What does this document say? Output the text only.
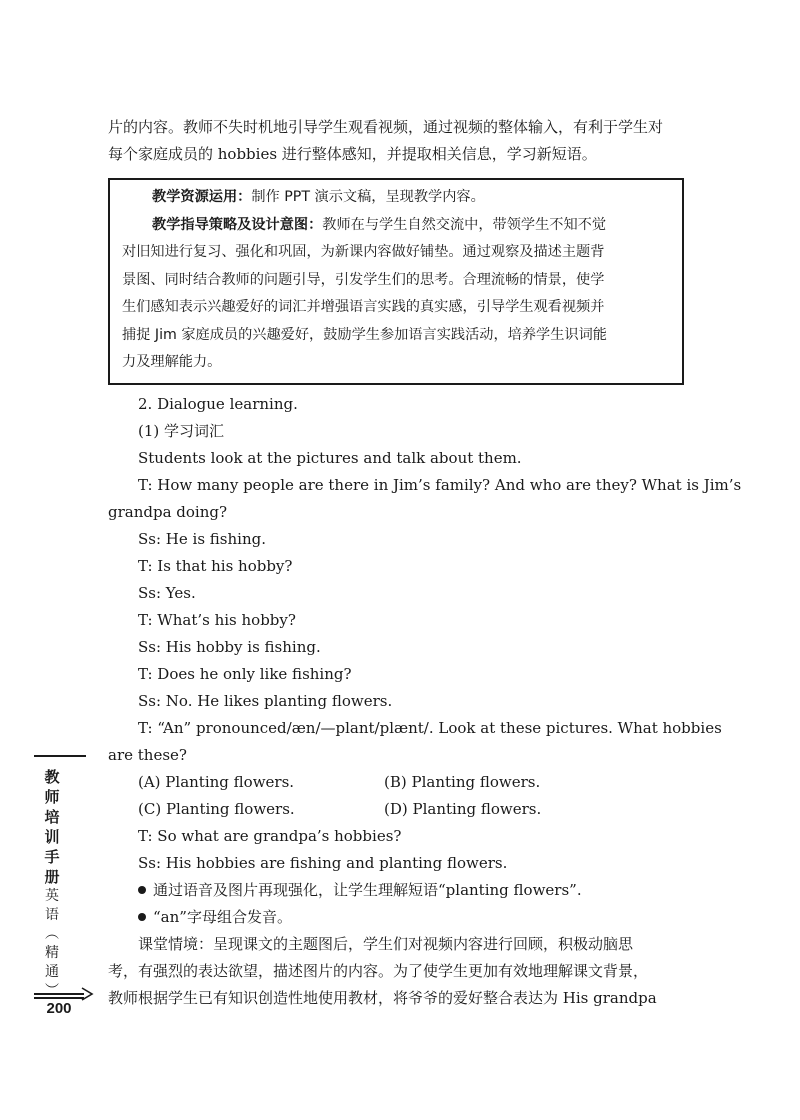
片的内容。教师不失时机地引导学生观看视频，通过视频的整体输入，有利于学生对

每个家庭成员的 hobbies 进行整体感知，并提取相关信息，学习新短语。

教学资源运用：制作 PPT 演示文稿，呈现教学内容。

教学指导策略及设计意图：教师在与学生自然交流中，带领学生不知不觉

对旧知进行复习、强化和巩固，为新课内容做好铺垫。通过观察及描述主题背

景图、同时结合教师的问题引导，引发学生们的思考。合理流畅的情景，使学

生们感知表示兴趣爱好的词汇并增强语言实践的真实感，引导学生观看视频并

捕捉 Jim 家庭成员的兴趣爱好，鼓励学生参加语言实践活动，培养学生识词能

力及理解能力。

2. Dialogue learning.

(1) 学习词汇

Students look at the pictures and talk about them.

T: How many people are there in Jim’s family? And who are they? What is Jim’s

grandpa doing?

Ss: He is fishing.

T: Is that his hobby?

Ss: Yes.

T: What’s his hobby?

Ss: His hobby is fishing.

T: Does he only like fishing?

Ss: No. He likes planting flowers.

T: “An” pronounced/æn/—plant/plænt/. Look at these pictures. What hobbies

are these?

(A) Planting flowers.	(B) Planting flowers.
(C) Planting flowers.	(D) Planting flowers.

T: So what are grandpa’s hobbies?

Ss: His hobbies are fishing and planting flowers.

通过语音及图片再现强化，让学生理解短语“planting flowers”.
“an”字母组合发音。

课堂情境：呈现课文的主题图后，学生们对视频内容进行回顾，积极动脑思

考，有强烈的表达欲望，描述图片的内容。为了使学生更加有效地理解课文背景，

教师根据学生已有知识创造性地使用教材，将爷爷的爱好整合表达为 His grandpa

教
师
培
训
手
册
英
语
︵
精
通
︶
200
